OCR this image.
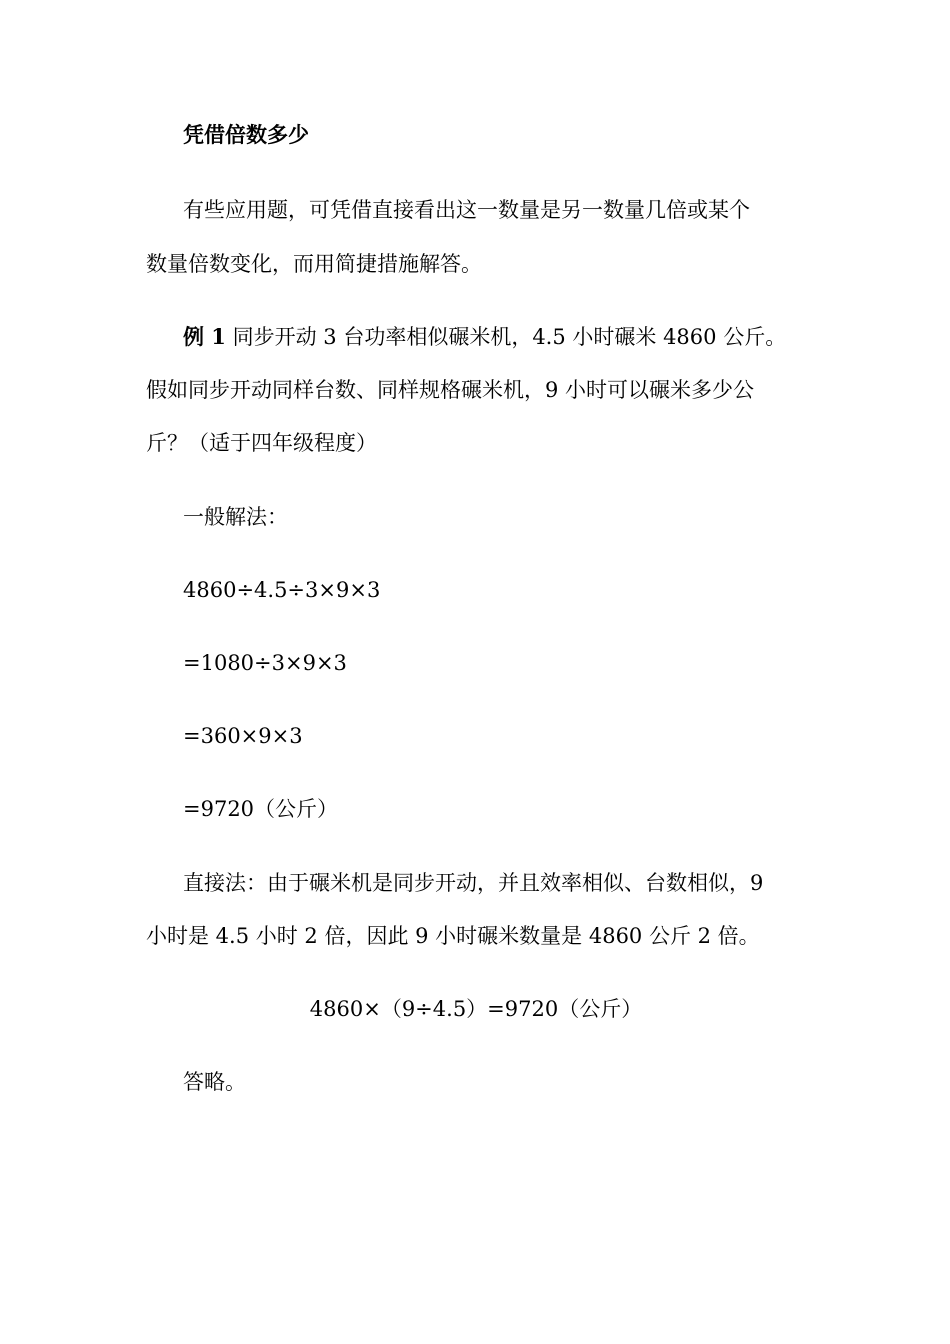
凭借倍数多少
有些应用题，可凭借直接看出这一数量是另一数量几倍或某个
数量倍数变化，而用简捷措施解答。
例 1 同步开动 3 台功率相似碾米机，4.5 小时碾米 4860 公斤。
假如同步开动同样台数、同样规格碾米机，9 小时可以碾米多少公
斤？（适于四年级程度）
一般解法：
4860÷4.5÷3×9×3
=1080÷3×9×3
=360×9×3
=9720（公斤）
直接法：由于碾米机是同步开动，并且效率相似、台数相似，9
小时是 4.5 小时 2 倍，因此 9 小时碾米数量是 4860 公斤 2 倍。
4860×（9÷4.5）=9720（公斤）
答略。
